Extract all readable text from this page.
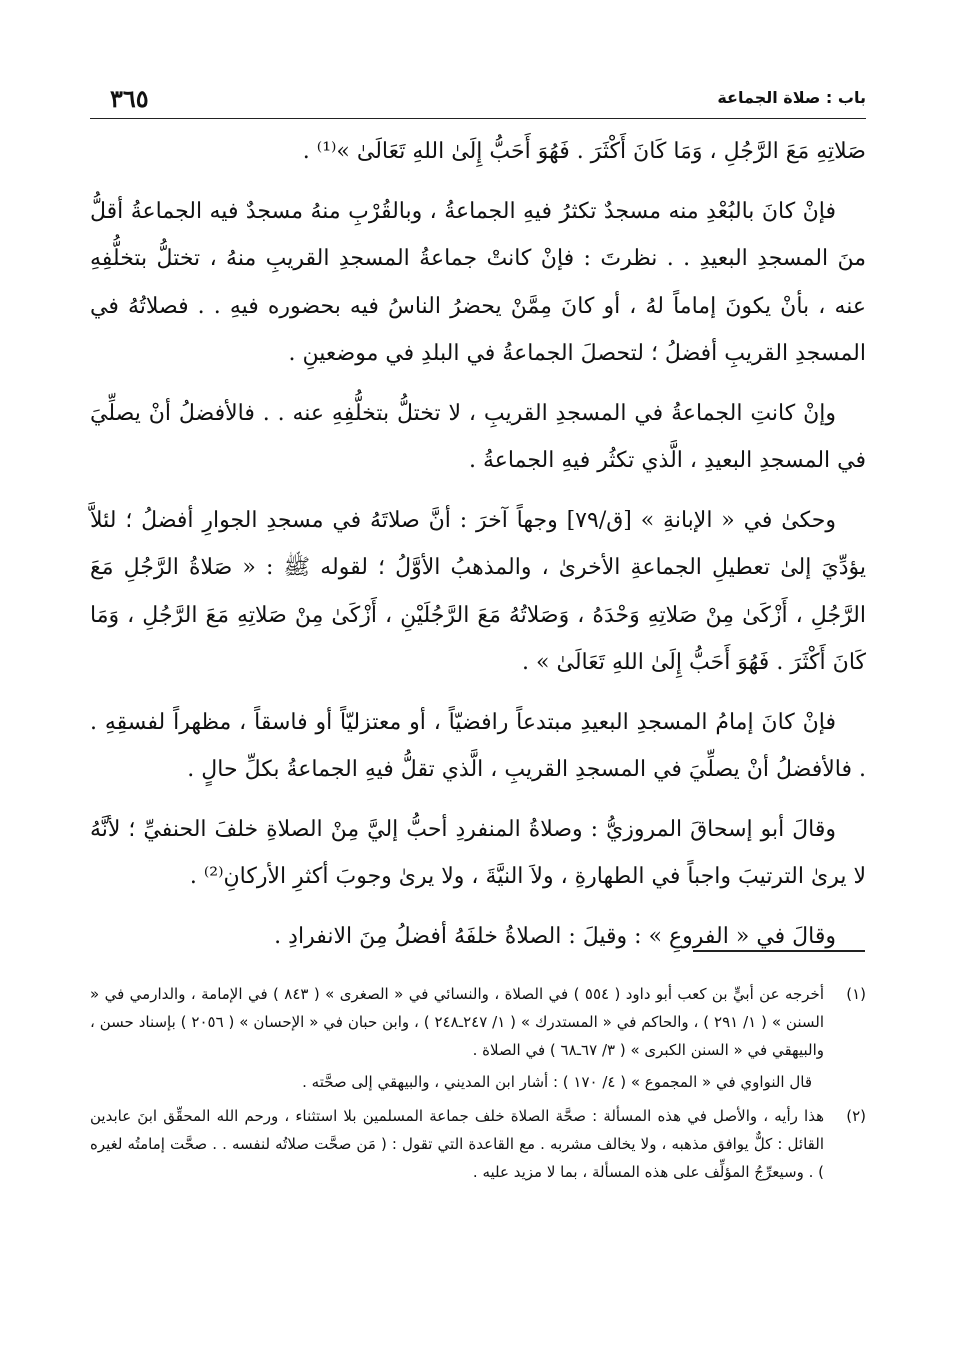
٣٦٥	باب : صلاة الجماعة

صَلاتِهِ مَعَ الرَّجُلِ ، وَمَا كَانَ أَكْثَرَ . فَهُوَ أَحَبُّ إِلَىٰ اللهِ تَعَالَىٰ »⁽¹⁾ .

فإنْ كانَ بالبُعْدِ منه مسجدٌ تكثرُ فيهِ الجماعةُ ، وبالقُرْبِ منهُ مسجدٌ فيه الجماعةُ أقلُّ منَ المسجدِ البعيدِ . . نظرتَ : فإنْ كانتْ جماعةُ المسجدِ القريبِ منهُ ، تختلُّ بتخلُّفِهِ عنه ، بأنْ يكونَ إماماً لهُ ، أو كانَ مِمَّنْ يحضرُ الناسُ فيه بحضوره فيهِ . . فصلاتُهُ في المسجدِ القريبِ أفضلُ ؛ لتحصلَ الجماعةُ في البلدِ في موضعينِ .

وإنْ كانتِ الجماعةُ في المسجدِ القريبِ ، لا تختلُّ بتخلُّفِهِ عنه . . فالأفضلُ أنْ يصلِّيَ في المسجدِ البعيدِ ، الَّذي تكثُر فيهِ الجماعةُ .

وحكىٰ في « الإبانةِ » [ق/٧٩] وجهاً آخرَ : أنَّ صلاتَهُ في مسجدِ الجوارِ أفضلُ ؛ لئلاَّ يؤدِّيَ إلىٰ تعطيلِ الجماعةِ الأخرىٰ ، والمذهبُ الأوَّلُ ؛ لقوله ﷺ : « صَلاةُ الرَّجُلِ مَعَ الرَّجُلِ ، أَزْكَىٰ مِنْ صَلاتِهِ وَحْدَهُ ، وَصَلاتُهُ مَعَ الرَّجُلَيْنِ ، أَزْكَىٰ مِنْ صَلاتِهِ مَعَ الرَّجُلِ ، وَمَا كَانَ أَكْثَرَ . فَهُوَ أَحَبُّ إِلَىٰ اللهِ تَعَالَىٰ » .

فإنْ كانَ إمامُ المسجدِ البعيدِ مبتدعاً رافضيّاً ، أو معتزليّاً أو فاسقاً ، مظهراً لفسقِهِ . . فالأفضلُ أنْ يصلِّيَ في المسجدِ القريبِ ، الَّذي تقلُّ فيهِ الجماعةُ بكلِّ حالٍ .

وقالَ أبو إسحاقَ المروزيُّ : وصلاةُ المنفردِ أحبُّ إليَّ مِنْ الصلاةِ خلفَ الحنفيِّ ؛ لأنَّهُ لا يرىٰ الترتيبَ واجباً في الطهارةِ ، ولاَ النيَّةَ ، ولا يرىٰ وجوبَ أكثرِ الأركانِ⁽²⁾ .

وقالَ في « الفروعِ » : وقيلَ : الصلاةُ خلفَهُ أفضلُ مِنَ الانفرادِ .

(١)
أخرجه عن أبيٍّ بن كعب أبو داود ( ٥٥٤ ) في الصلاة ، والنسائي في « الصغرى » ( ٨٤٣ ) في الإمامة ، والدارمي في « السنن » ( ١/ ٢٩١ ) ، والحاكم في « المستدرك » ( ١/ ٢٤٧ـ٢٤٨ ) ، وابن حبان في « الإحسان » ( ٢٠٥٦ ) بإسناد حسن ، والبيهقي في « السنن الكبرى » ( ٣/ ٦٧ـ٦٨ ) في الصلاة .
قال النواوي في « المجموع » ( ٤/ ١٧٠ ) : أشار ابن المديني ، والبيهقي إلى صحَّته .
(٢)
هذا رأيه ، والأصل في هذه المسألة : صحَّة الصلاة خلف جماعة المسلمين بلا استثناء ، ورحم الله المحقِّق ابنَ عابدين القائل : كلٌّ يوافق مذهبه ، ولا يخالف مشربه . مع القاعدة التي تقول : ( مَن صحَّت صلاتُه لنفسه . . صحَّت إمامتُه لغيره ) . وسيعرِّجُ المؤلِّف على هذه المسألة ، بما لا مزيد عليه .
